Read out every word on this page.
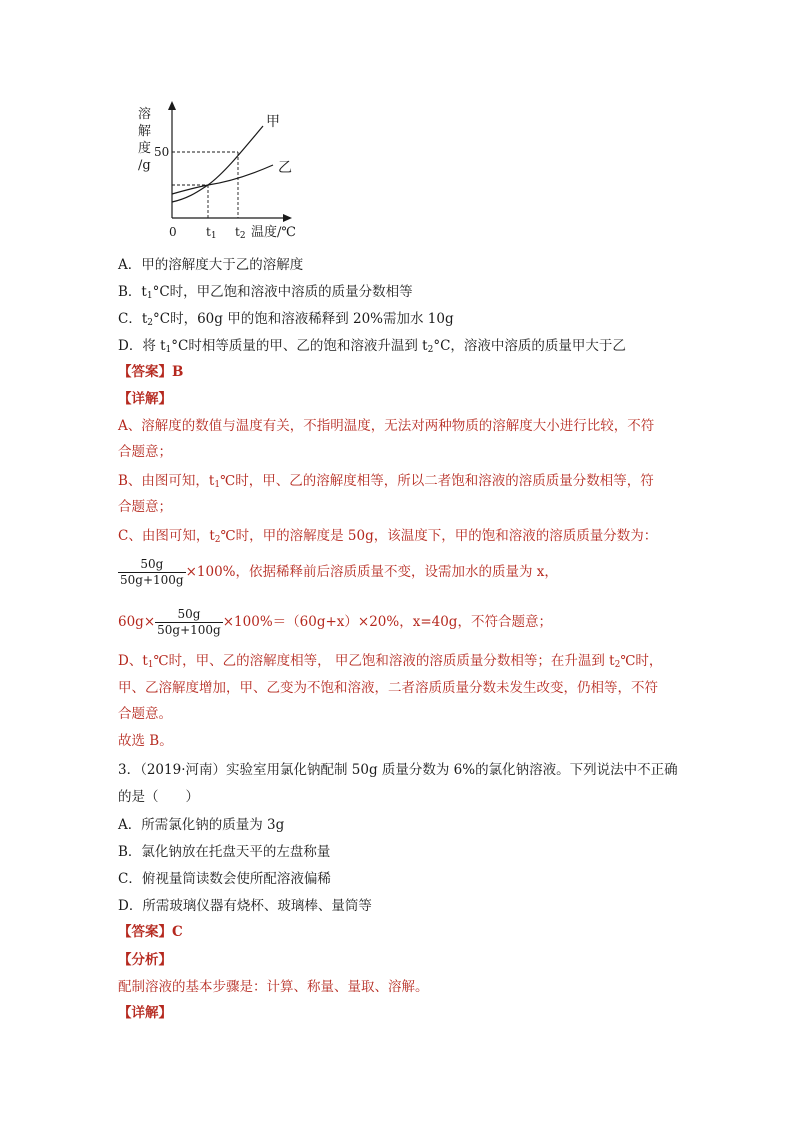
溶
解
度
/g
50
0 t1 t2 温度/℃
甲
乙
A．甲的溶解度大于乙的溶解度
B．$t_1^\circ C$时，甲乙饱和溶液中溶质的质量分数相等
C．$t_2^\circ C$时，60g 甲的饱和溶液稀释到 20%需加水 10g
D．将 $t_1^\circ C$时相等质量的甲、乙的饱和溶液升温到 $t_2^\circ C$，溶液中溶质的质量甲大于乙
【答案】B
【详解】
A、溶解度的数值与温度有关，不指明温度，无法对两种物质的溶解度大小进行比较，不符
合题意；
B、由图可知，t1℃时，甲、乙的溶解度相等，所以二者饱和溶液的溶质质量分数相等，符
合题意；
C、由图可知，t2℃时，甲的溶解度是 50g，该温度下，甲的饱和溶液的溶质质量分数为：
$\frac{50g}{50g+100g} \times 100\%$，依据稀释前后溶质质量不变，设需加水的质量为 x，
$60g\times \frac{50g}{50g+100g} \times 100\%=(60g+x)\times 20\%$，x=40g，不符合题意；
D、t1℃时，甲、乙的溶解度相等， 甲乙饱和溶液的溶质质量分数相等；在升温到 t2℃时，
甲、乙溶解度增加，甲、乙变为不饱和溶液，二者溶质质量分数未发生改变，仍相等，不符
合题意。
故选 B。
3．（2019·河南）实验室用氯化钠配制 50g 质量分数为 6%的氯化钠溶液。下列说法中不正确
的是（　　）
A．所需氯化钠的质量为 3g
B．氯化钠放在托盘天平的左盘称量
C．俯视量筒读数会使所配溶液偏稀
D．所需玻璃仪器有烧杯、玻璃棒、量筒等
【答案】C
【分析】
配制溶液的基本步骤是：计算、称量、量取、溶解。
【详解】
